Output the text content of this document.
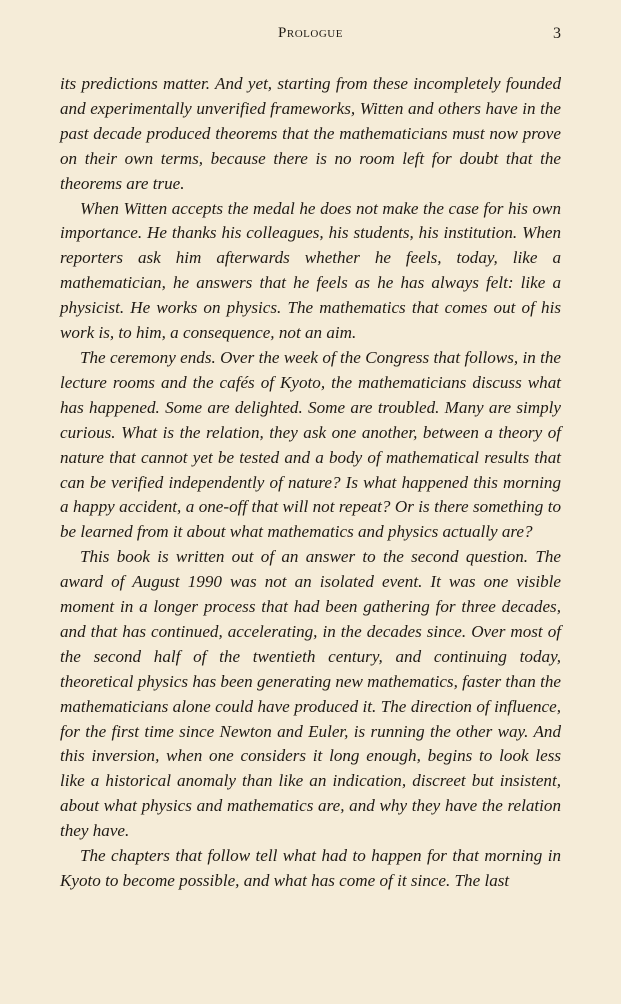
Prologue	3

its predictions matter. And yet, starting from these incompletely founded and experimentally unverified frameworks, Witten and others have in the past decade produced theorems that the mathematicians must now prove on their own terms, because there is no room left for doubt that the theorems are true.

When Witten accepts the medal he does not make the case for his own importance. He thanks his colleagues, his students, his institution. When reporters ask him afterwards whether he feels, today, like a mathematician, he answers that he feels as he has always felt: like a physicist. He works on physics. The mathematics that comes out of his work is, to him, a consequence, not an aim.

The ceremony ends. Over the week of the Congress that follows, in the lecture rooms and the cafés of Kyoto, the mathematicians discuss what has happened. Some are delighted. Some are troubled. Many are simply curious. What is the relation, they ask one another, between a theory of nature that cannot yet be tested and a body of mathematical results that can be verified independently of nature? Is what happened this morning a happy accident, a one-off that will not repeat? Or is there something to be learned from it about what mathematics and physics actually are?

This book is written out of an answer to the second question. The award of August 1990 was not an isolated event. It was one visible moment in a longer process that had been gathering for three decades, and that has continued, accelerating, in the decades since. Over most of the second half of the twentieth century, and continuing today, theoretical physics has been generating new mathematics, faster than the mathematicians alone could have produced it. The direction of influence, for the first time since Newton and Euler, is running the other way. And this inversion, when one considers it long enough, begins to look less like a historical anomaly than like an indication, discreet but insistent, about what physics and mathematics are, and why they have the relation they have.

The chapters that follow tell what had to happen for that morning in Kyoto to become possible, and what has come of it since. The last
